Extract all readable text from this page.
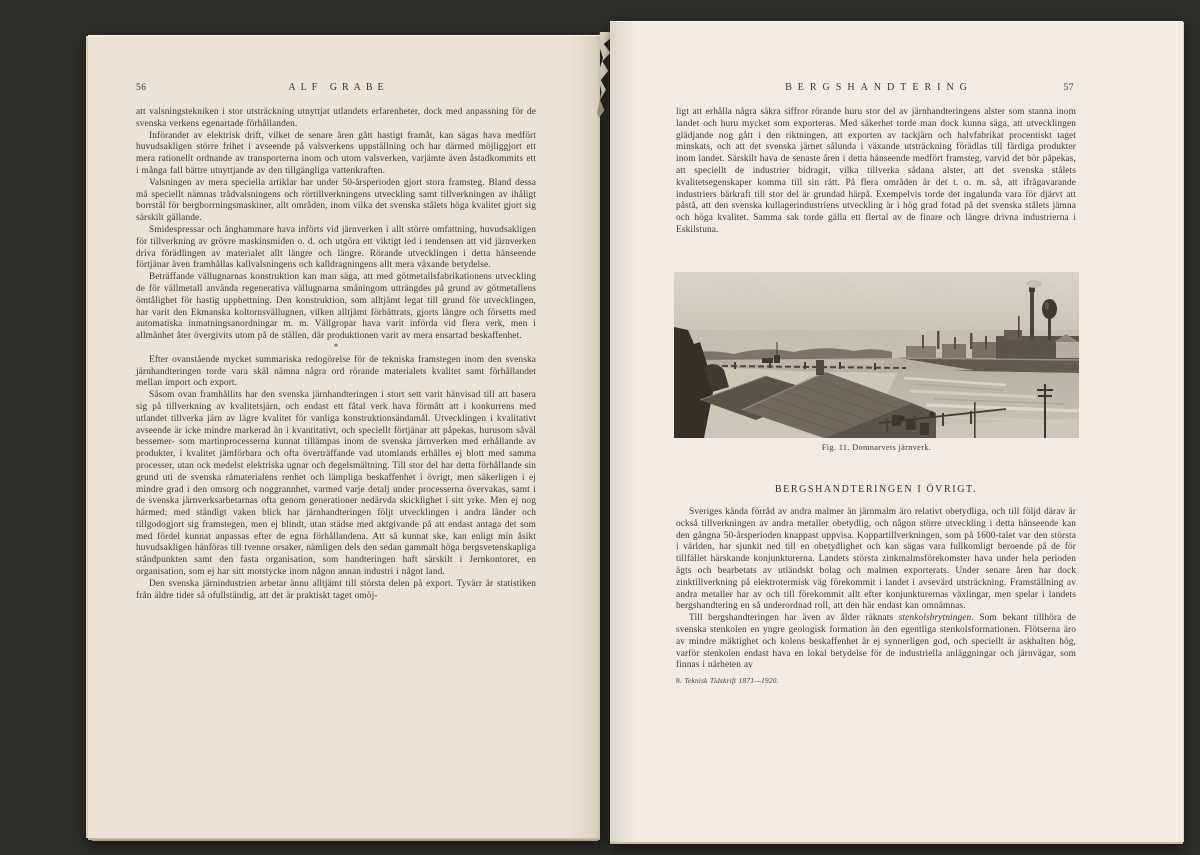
56	ALF GRABE

att valsningstekniken i stor utsträckning utnyttjat utlandets erfarenheter, dock med anpassning för de svenska verkens egenartade förhållanden.

Införandet av elektrisk drift, vilket de senare åren gått hastigt framåt, kan sägas hava medfört huvudsakligen större frihet i avseende på valsverkens uppställning och har därmed möjliggjort ett mera rationellt ordnande av transporterna inom och utom valsverken, varjämte även åstadkommits ett i många fall bättre utnyttjande av den tillgängliga vattenkraften.

Valsningen av mera speciella artiklar har under 50-årsperioden gjort stora framsteg. Bland dessa må speciellt nämnas trådvalsningens och rörtillverkningens utveckling samt tillverkningen av ihåligt borrstål för bergborrningsmaskiner, allt områden, inom vilka det svenska stålets höga kvalitet gjort sig särskilt gällande.

Smidespressar och ånghammare hava införts vid järnverken i allt större omfattning, huvudsakligen för tillverkning av grövre maskinsmiden o. d. och utgöra ett viktigt led i tendensen att vid järnverken driva förädlingen av materialet allt längre och längre. Rörande utvecklingen i detta hänseende förtjänar även framhållas kallvalsningens och kalldragningens allt mera växande betydelse.

Beträffande vällugnarnas konstruktion kan man säga, att med götmetallsfabrikationens utveckling de för vällmetall använda regenerativa vällugnarna småningom utträngdes på grund av götmetallens ömtålighet för hastig upphettning. Den konstruktion, som alltjämt legat till grund för utvecklingen, har varit den Ekmanska koltornsvällugnen, vilken alltjämt förbättrats, gjorts längre och försetts med automatiska inmatningsanordningar m. m. Vällgropar hava varit införda vid flera verk, men i allmänhet åter övergivits utom på de ställen, där produktionen varit av mera ensartad beskaffenhet.

*

Efter ovanstående mycket summariska redogörelse för de tekniska framstegen inom den svenska järnhandteringen torde vara skäl nämna några ord rörande materialets kvalitet samt förhållandet mellan import och export.

Såsom ovan framhållits har den svenska järnhandteringen i stort sett varit hänvisad till att basera sig på tillverkning av kvalitetsjärn, och endast ett fåtal verk hava förmått att i konkurrens med utlandet tillverka järn av lägre kvalitet för vanliga konstruktionsändamål. Utvecklingen i kvalitativt avseende är icke mindre markerad än i kvantitativt, och speciellt förtjänar att påpekas, hurusom såväl bessemer- som martinprocesserna kunnat tillämpas inom de svenska järnverken med erhållande av produkter, i kvalitet jämförbara och ofta överträffande vad utomlands erhålles ej blott med samma processer, utan ock medelst elektriska ugnar och degelsmältning. Till stor del har detta förhållande sin grund uti de svenska råmaterialens renhet och lämpliga beskaffenhet i övrigt, men säkerligen i ej mindre grad i den omsorg och noggrannhet, varmed varje detalj under processerna övervakas, samt i de svenska järnverksarbetarnas ofta genom generationer nedärvda skicklighet i sitt yrke. Men ej nog härmed; med ständigt vaken blick har järnhandteringen följt utvecklingen i andra länder och tillgodogjort sig framstegen, men ej blindt, utan städse med aktgivande på att endast antaga det som med fördel kunnat anpassas efter de egna förhållandena. Att så kunnat ske, kan enligt min åsikt huvudsakligen hänföras till tvenne orsaker, nämligen dels den sedan gammalt höga bergsvetenskapliga ståndpunkten samt den fasta organisation, som handteringen haft särskilt i Jernkontoret, en organisation, som ej har sitt motstycke inom någon annan industri i något land.

Den svenska järnindustrien arbetar ännu alltjämt till största delen på export. Tyvärr är statistiken från äldre tider så ofullständig, att det är praktiskt taget omöj-

BERGSHANDTERING	57

ligt att erhålla några säkra siffror rörande huru stor del av järnhandteringens alster som stanna inom landet och huru mycket som exporteras. Med säkerhet torde man dock kunna säga, att utvecklingen glädjande nog gått i den riktningen, att exporten av tackjärn och halvfabrikat procentiskt taget minskats, och att det svenska järnet sålunda i växande utsträckning förädlas till färdiga produkter inom landet. Särskilt hava de senaste åren i detta hänseende medfört framsteg, varvid det bör påpekas, att speciellt de industrier bidragit, vilka tillverka sådana alster, att det svenska stålets kvalitetsegenskaper komma till sin rätt. På flera områden är det t. o. m. så, att ifrågavarande industriers bärkraft till stor del är grundad härpå. Exempelvis torde det ingalunda vara för djärvt att påstå, att den svenska kullagerindustriens utveckling är i hög grad fotad på det svenska stålets jämna och höga kvalitet. Samma sak torde gälla ett flertal av de finare och längre drivna industrierna i Eskilstuna.

Fig. 11. Domnarvets järnverk.
BERGSHANDTERINGEN I ÖVRIGT.

Sveriges kända förråd av andra malmer än järnmalm äro relativt obetydliga, och till följd därav är också tillverkningen av andra metaller obetydlig, och någon större utveckling i detta hänseende kan den gångna 50-årsperioden knappast uppvisa. Koppartillverkningen, som på 1600-talet var den största i världen, har sjunkit ned till en obetydlighet och kan sägas vara fullkomligt beroende på de för tillfället härskande konjunkturerna. Landets största zinkmalmsförekomster hava under hela perioden ägts och bearbetats av utländskt bolag och malmen exporterats. Under senare åren har dock zinktillverkning på elektrotermisk väg förekommit i landet i avsevärd utsträckning. Framställning av andra metaller har av och till förekommit allt efter konjunkturernas växlingar, men spelar i landets bergshandtering en så underordnad roll, att den här endast kan omnämnas.

Till bergshandteringen har även av ålder räknats stenkolsbrytningen. Som bekant tillhöra de svenska stenkolen en yngre geologisk formation än den egentliga stenkolsformationen. Flötserna äro av mindre mäktighet och kolens beskaffenhet är ej synnerligen god, och speciellt är askhalten hög, varför stenkolen endast hava en lokal betydelse för de industriella anläggningar och järnvägar, som finnas i närheten av

8. Teknisk Tidskrift 1871—1920.
